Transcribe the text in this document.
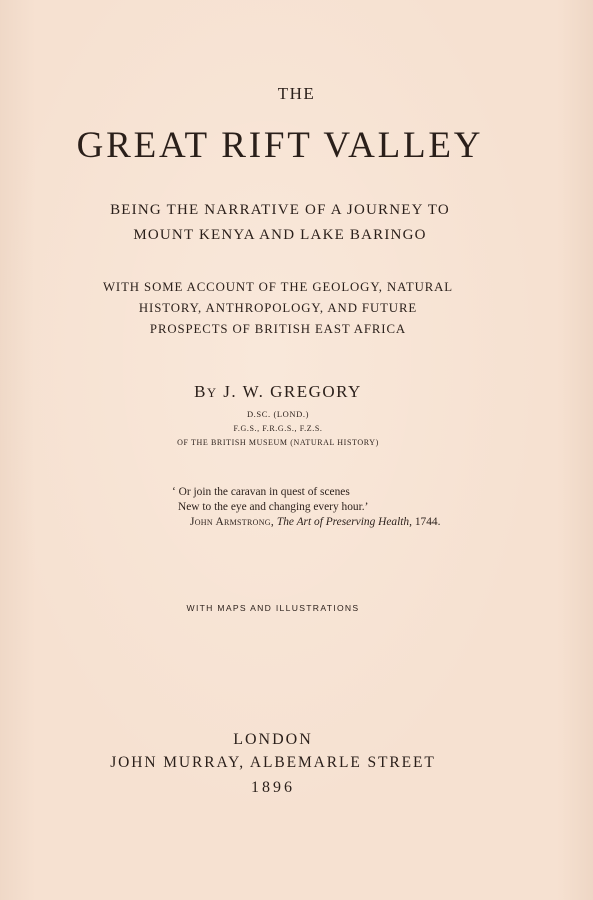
THE
GREAT RIFT VALLEY
BEING THE NARRATIVE OF A JOURNEY TO
MOUNT KENYA AND LAKE BARINGO
WITH SOME ACCOUNT OF THE GEOLOGY, NATURAL
HISTORY, ANTHROPOLOGY, AND FUTURE
PROSPECTS OF BRITISH EAST AFRICA
BY J. W. GREGORY
D.SC. (LOND.)
F.G.S., F.R.G.S., F.Z.S.
OF THE BRITISH MUSEUM (NATURAL HISTORY)
‘ Or join the caravan in quest of scenes
New to the eye and changing every hour.’
John Armstrong, The Art of Preserving Health, 1744.
WITH MAPS AND ILLUSTRATIONS
LONDON
JOHN MURRAY, ALBEMARLE STREET
1896
